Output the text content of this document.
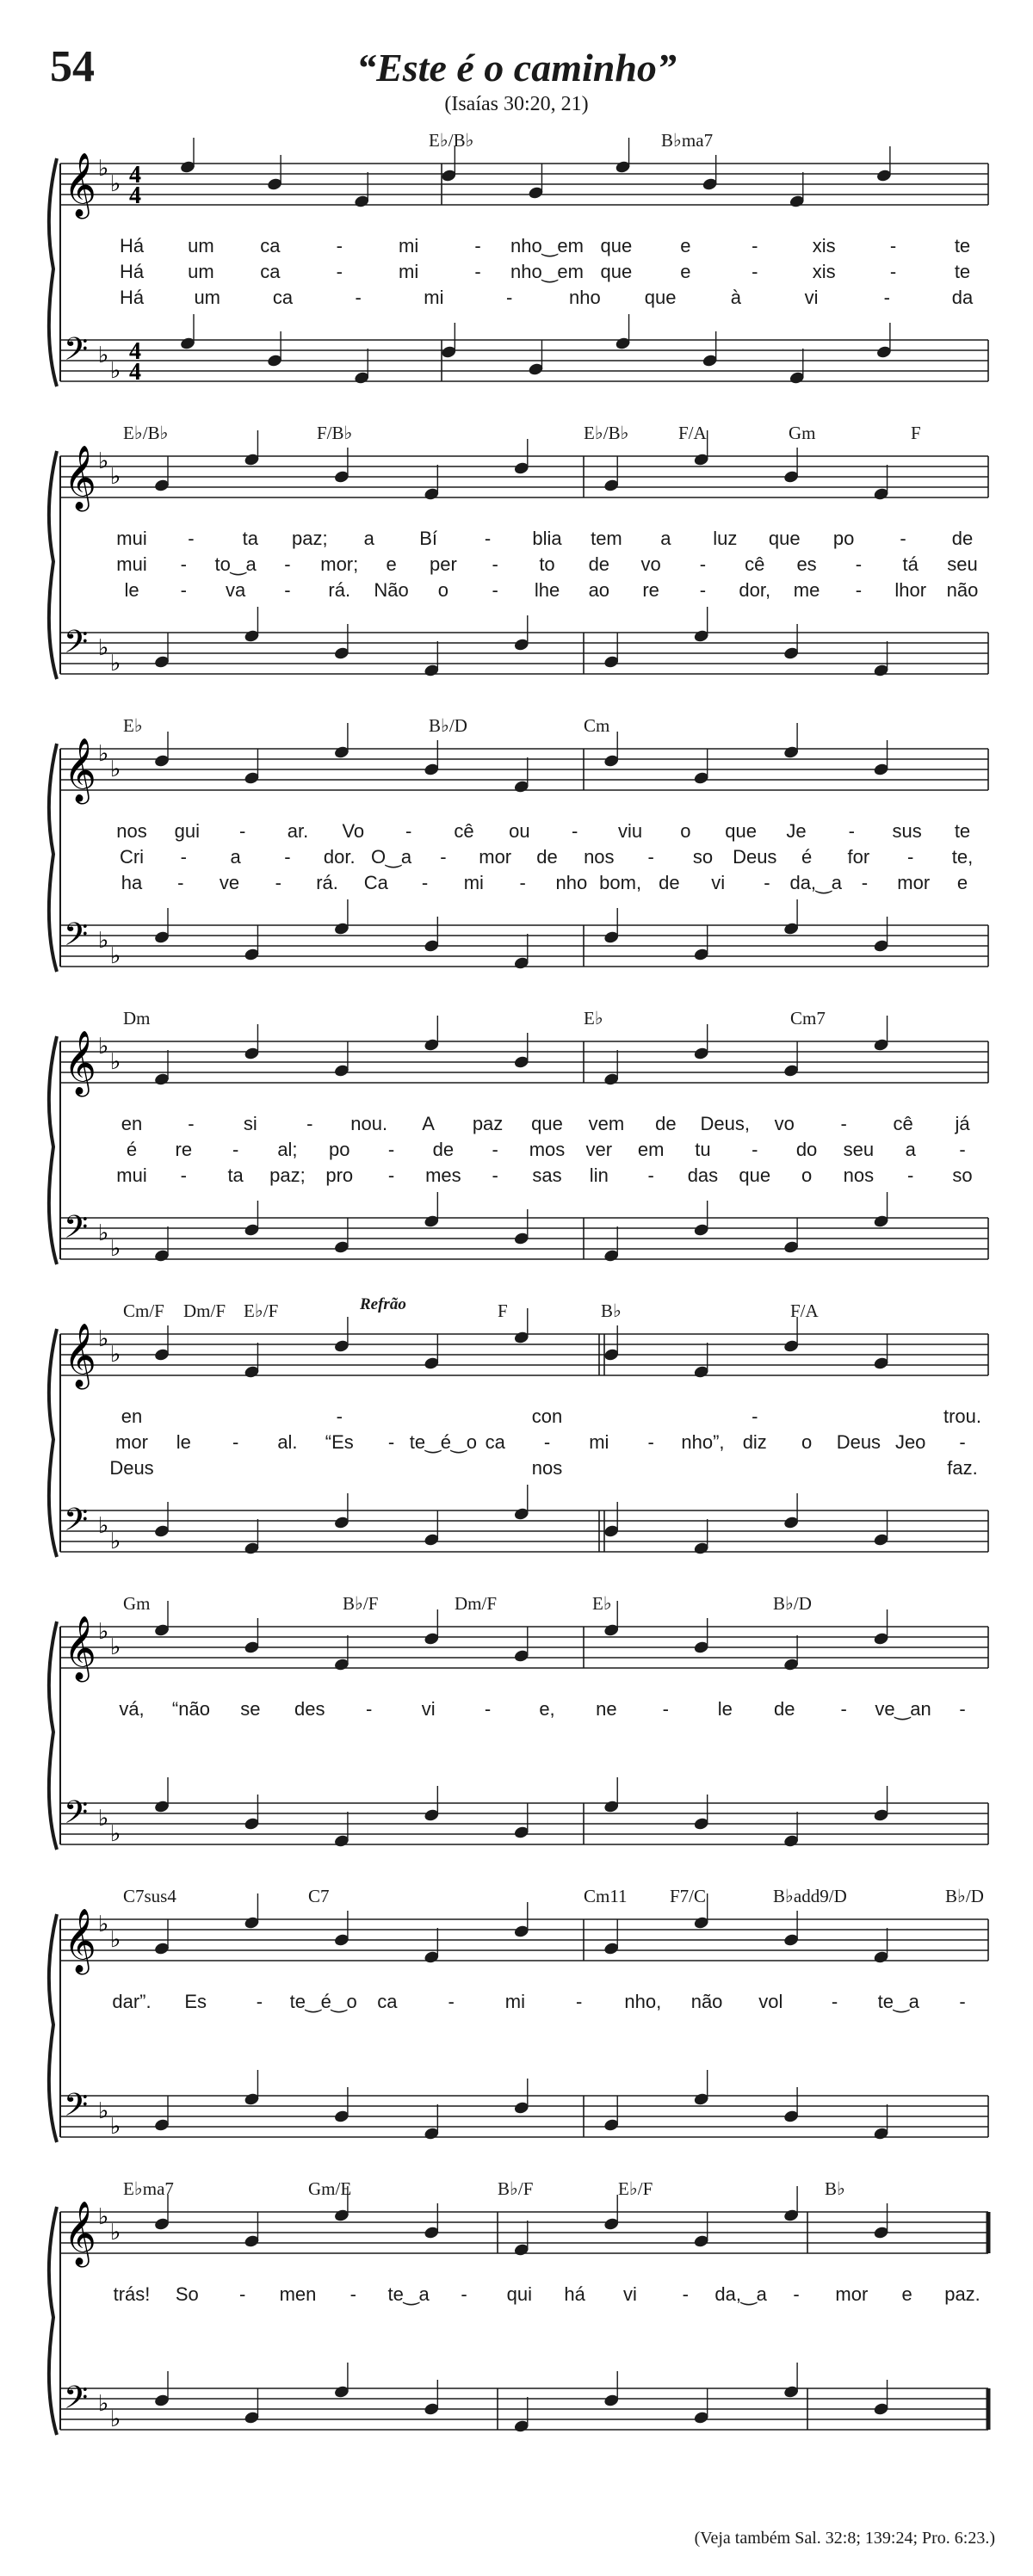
54	“Este é o caminho”
(Isaías 30:20, 21)
𝄞 ♭
♭ 4
4
𝄢 ♭
♭
4
4
E♭/B♭	B♭ma7
Há um ca	-	mi	- nho‿em que	e	-	xis	-	te
Há um ca	-	mi	- nho‿em que	e	-	xis	-	te
Há	um	ca	-	mi	-	nho que	à	vi	-	da
𝄞 ♭
♭
𝄢 ♭
♭
E♭/B♭	F/B♭	E♭/B♭	F/A	Gm	F
mui -	ta paz; a Bí - blia tem a luz que po - de
mui - to‿a - mor; e per - to de vo - cê es - tá seu
le - va - rá. Não o - lhe ao re - dor, me - lhor não
𝄞 ♭
♭
𝄢 ♭
♭
E♭	B♭/D	Cm
nos gui - ar. Vo - cê ou - viu o que Je - sus te
Cri - a - dor. O‿a - mor de nos - so Deus é for - te,
ha - ve - rá. Ca - mi - nho bom, de vi - da,‿a - mor e
𝄞 ♭
♭
𝄢 ♭
♭
Dm	E♭	Cm7
en -	si	- nou. A paz que vem de Deus, vo - cê já
é re - al; po - de - mos ver em tu - do seu a -
mui - ta paz; pro - mes - sas lin - das que o nos - so
𝄞 ♭
♭
𝄢 ♭
♭
Cm/F Dm/F E♭/F	F	B♭	F/A
Refrão
en	-	con	-	trou.
mor le - al. “Es - te‿é‿o ca - mi - nho”, diz o Deus Jeo -
Deus	nos	faz.
𝄞 ♭
♭
𝄢 ♭
♭
Gm	B♭/F	Dm/F	E♭	B♭/D
vá, “não se des -	vi	-	e, ne -	le de - ve‿an -
𝄞 ♭
♭
𝄢 ♭
♭
C7sus4	C7	Cm11 F7/C	B♭add9/D	B♭/D
dar”. Es	- te‿é‿o ca	-	mi	- nho, não vol	- te‿a -
𝄞 ♭
♭
𝄢 ♭
♭
E♭ma7	Gm/E	B♭/F	E♭/F	B♭
trás! So - men - te‿a - qui há vi - da,‿a - mor e paz.
(Veja também Sal. 32:8; 139:24; Pro. 6:23.)
